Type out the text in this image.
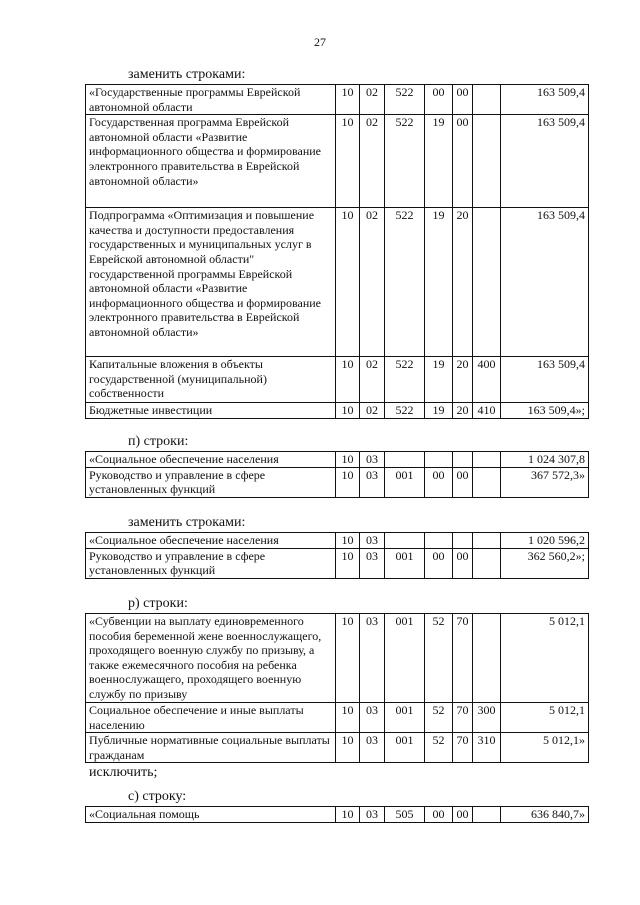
27
заменить строками:
«Государственные программы Еврейской автономной области	10	02	522	00	00		163 509,4
Государственная программа Еврейской автономной области «Развитие информационного общества и формирование электронного правительства в Еврейской автономной области»	10	02	522	19	00		163 509,4
Подпрограмма «Оптимизация и повышение качества и доступности предоставления государственных и муниципальных услуг в Еврейской автономной области" государственной программы Еврейской автономной области «Развитие информационного общества и формирование электронного правительства в Еврейской автономной области»	10	02	522	19	20		163 509,4
Капитальные вложения в объекты государственной (муниципальной) собственности	10	02	522	19	20	400	163 509,4
Бюджетные инвестиции	10	02	522	19	20	410	163 509,4»;
п) строки:
«Социальное обеспечение населения	10	03					1 024 307,8
Руководство и управление в сфере установленных функций	10	03	001	00	00		367 572,3»
заменить строками:
«Социальное обеспечение населения	10	03					1 020 596,2
Руководство и управление в сфере установленных функций	10	03	001	00	00		362 560,2»;
р) строки:
«Субвенции на выплату единовременного пособия беременной жене военнослужащего, проходящего военную службу по призыву, а также ежемесячного пособия на ребенка военнослужащего, проходящего военную службу по призыву	10	03	001	52	70		5 012,1
Социальное обеспечение и иные выплаты населению	10	03	001	52	70	300	5 012,1
Публичные нормативные социальные выплаты гражданам	10	03	001	52	70	310	5 012,1»
исключить;
с) строку:
«Социальная помощь	10	03	505	00	00		636 840,7»
